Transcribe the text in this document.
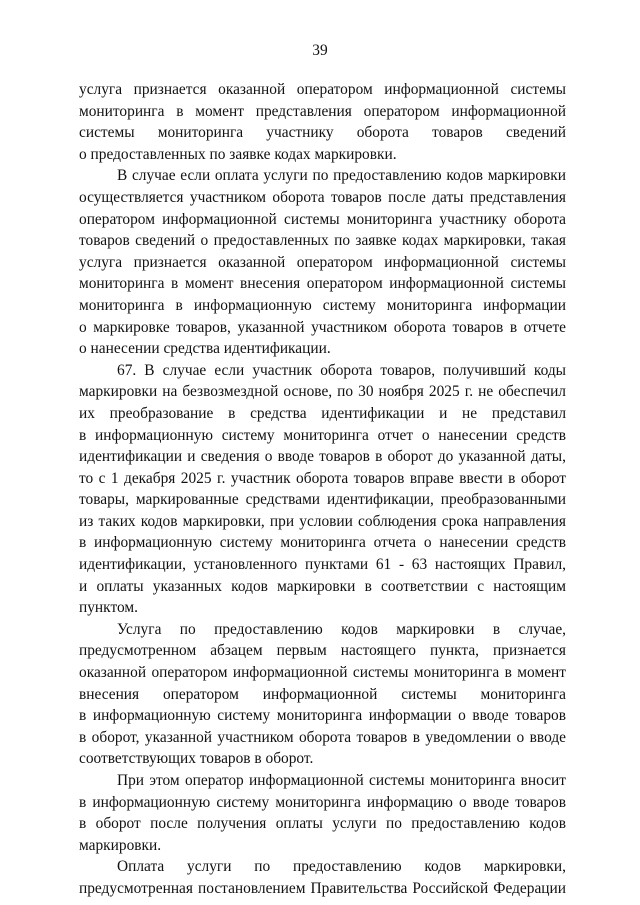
39
услуга признается оказанной оператором информационной системы
мониторинга в момент представления оператором информационной
системы мониторинга участнику оборота товаров сведений
о предоставленных по заявке кодах маркировки.
В случае если оплата услуги по предоставлению кодов маркировки
осуществляется участником оборота товаров после даты представления
оператором информационной системы мониторинга участнику оборота
товаров сведений о предоставленных по заявке кодах маркировки, такая
услуга признается оказанной оператором информационной системы
мониторинга в момент внесения оператором информационной системы
мониторинга в информационную систему мониторинга информации
о маркировке товаров, указанной участником оборота товаров в отчете
о нанесении средства идентификации.
67. В случае если участник оборота товаров, получивший коды
маркировки на безвозмездной основе, по 30 ноября 2025 г. не обеспечил
их преобразование в средства идентификации и не представил
в информационную систему мониторинга отчет о нанесении средств
идентификации и сведения о вводе товаров в оборот до указанной даты,
то с 1 декабря 2025 г. участник оборота товаров вправе ввести в оборот
товары, маркированные средствами идентификации, преобразованными
из таких кодов маркировки, при условии соблюдения срока направления
в информационную систему мониторинга отчета о нанесении средств
идентификации, установленного пунктами 61 - 63 настоящих Правил,
и оплаты указанных кодов маркировки в соответствии с настоящим
пунктом.
Услуга по предоставлению кодов маркировки в случае,
предусмотренном абзацем первым настоящего пункта, признается
оказанной оператором информационной системы мониторинга в момент
внесения оператором информационной системы мониторинга
в информационную систему мониторинга информации о вводе товаров
в оборот, указанной участником оборота товаров в уведомлении о вводе
соответствующих товаров в оборот.
При этом оператор информационной системы мониторинга вносит
в информационную систему мониторинга информацию о вводе товаров
в оборот после получения оплаты услуги по предоставлению кодов
маркировки.
Оплата услуги по предоставлению кодов маркировки,
предусмотренная постановлением Правительства Российской Федерации
